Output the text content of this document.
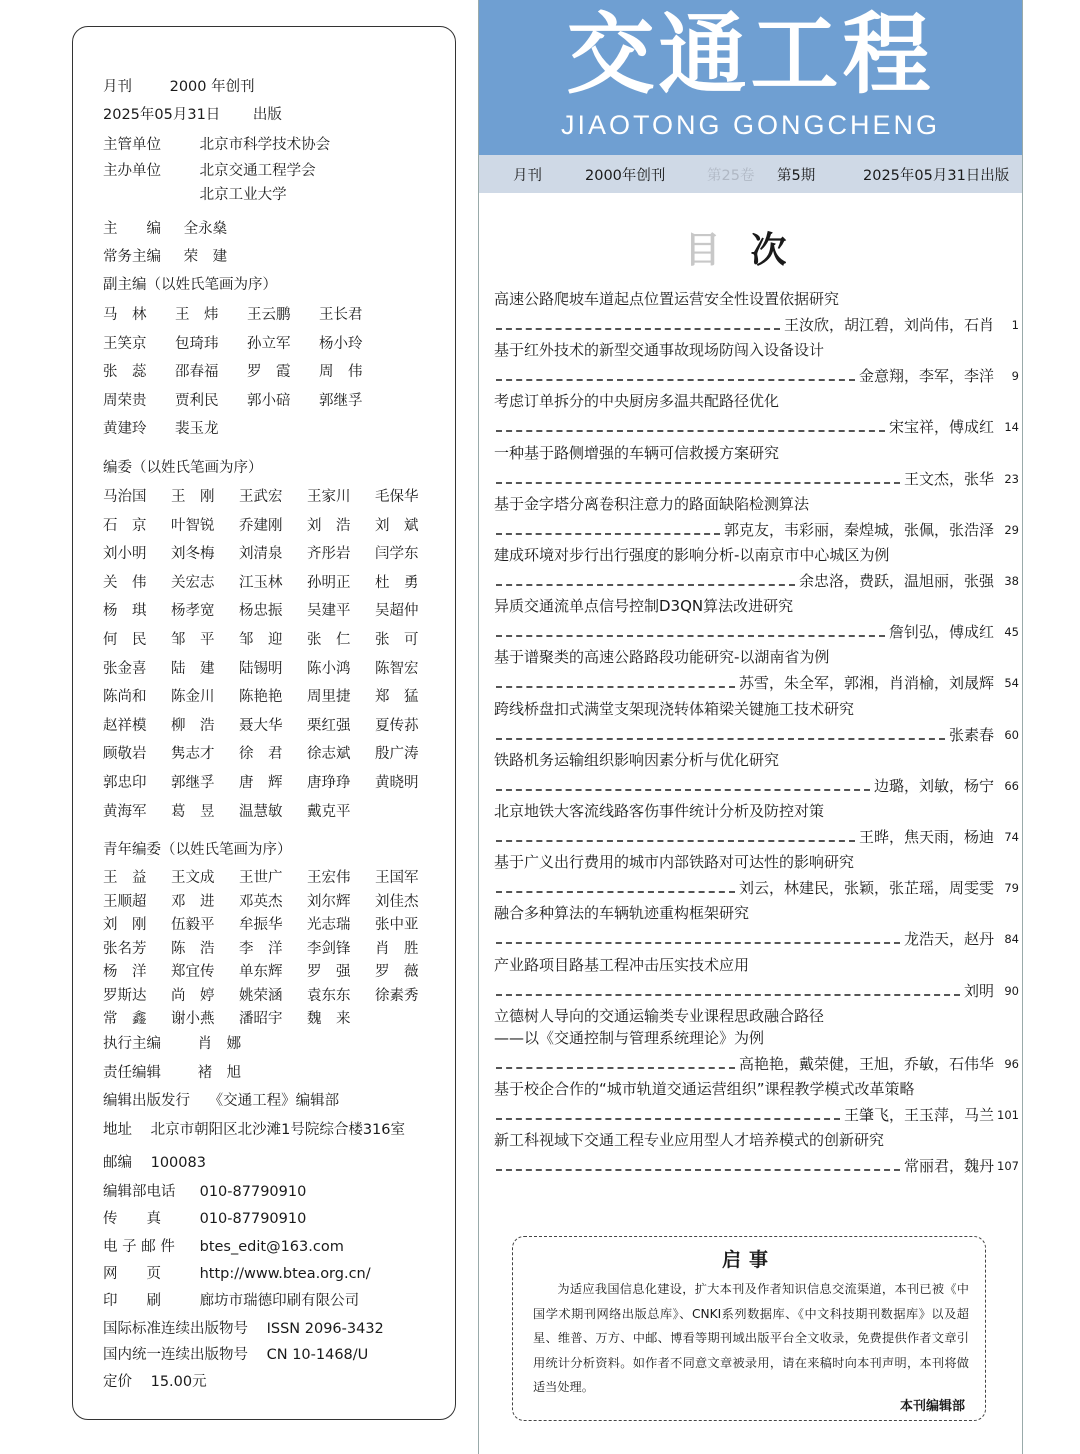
月刊	2000 年创刊
2025年05月31日 出版
主管单位	北京市科学技术协会
主办单位	北京交通工程学会
北京工业大学
主　　编 全永燊
常务主编 荣　建
副主编（以姓氏笔画为序）
马　林	王　炜	王云鹏	王长君
王笑京	包琦玮	孙立军	杨小玲
张　蕊	邵春福	罗　霞	周　伟
周荣贵	贾利民	郭小碚	郭继孚
黄建玲	裴玉龙
编委（以姓氏笔画为序）
马治国	王　刚	王武宏	王家川	毛保华
石　京	叶智锐	乔建刚	刘　浩	刘　斌
刘小明	刘冬梅	刘清泉	齐彤岩	闫学东
关　伟	关宏志	江玉林	孙明正	杜　勇
杨　琪	杨孝宽	杨忠振	吴建平	吴超仲
何　民	邹　平	邹　迎	张　仁	张　可
张金喜	陆　建	陆锡明	陈小鸿	陈智宏
陈尚和	陈金川	陈艳艳	周里捷	郑　猛
赵祥模	柳　浩	聂大华	栗红强	夏传荪
顾敬岩	隽志才	徐　君	徐志斌	殷广涛
郭忠印	郭继孚	唐　辉	唐琤琤	黄晓明
黄海军	葛　昱	温慧敏	戴克平
青年编委（以姓氏笔画为序）
王　益	王文成	王世广	王宏伟	王国军
王顺超	邓　进	邓英杰	刘尔辉	刘佳杰
刘　刚	伍毅平	牟振华	光志瑞	张中亚
张名芳	陈　浩	李　洋	李剑锋	肖　胜
杨　洋	郑宜传	单东辉	罗　强	罗　薇
罗斯达	尚　婷	姚荣涵	袁东东	徐素秀
常　鑫	谢小燕	潘昭宇	魏　来
执行主编	肖　娜
责任编辑	褚　旭
编辑出版发行 《交通工程》编辑部
地址 北京市朝阳区北沙滩1号院综合楼316室
邮编 100083
编辑部电话 010-87790910
传　　真	010-87790910
电 子 邮 件 btes_edit@163.com
网　　页	http://www.btea.org.cn/
印　　刷	廊坊市瑞德印刷有限公司
国际标准连续出版物号 ISSN 2096-3432
国内统一连续出版物号 CN 10-1468/U
定价 15.00元
交通工程
JIAOTONG GONGCHENG
月刊	2000年创刊	第25卷 第5期	2025年05月31日出版
目次
高速公路爬坡车道起点位置运营安全性设置依据研究
王汝欣，胡江碧，刘尚伟，石肖	1
基于红外技术的新型交通事故现场防闯入设备设计
金意翔，李军，李洋	9
考虑订单拆分的中央厨房多温共配路径优化
宋宝祥，傅成红 14
一种基于路侧增强的车辆可信救援方案研究
王文杰，张华 23
基于金字塔分离卷积注意力的路面缺陷检测算法
郭克友，韦彩丽，秦煌城，张佩，张浩泽 29
建成环境对步行出行强度的影响分析-以南京市中心城区为例
余忠洛，费跃，温旭丽，张强 38
异质交通流单点信号控制D3QN算法改进研究
詹钊弘，傅成红 45
基于谱聚类的高速公路路段功能研究-以湖南省为例
苏雪，朱全军，郭湘，肖消榆，刘晟辉 54
跨线桥盘扣式满堂支架现浇转体箱梁关键施工技术研究
张素春 60
铁路机务运输组织影响因素分析与优化研究
边璐，刘敏，杨宁 66
北京地铁大客流线路客伤事件统计分析及防控对策
王晔，焦天雨，杨迪 74
基于广义出行费用的城市内部铁路对可达性的影响研究
刘云，林建民，张颖，张芷瑶，周雯雯 79
融合多种算法的车辆轨迹重构框架研究
龙浩天，赵丹 84
产业路项目路基工程冲击压实技术应用
刘明 90
立德树人导向的交通运输类专业课程思政融合路径
——以《交通控制与管理系统理论》为例
高艳艳，戴荣健，王旭，乔敏，石伟华 96
基于校企合作的“城市轨道交通运营组织”课程教学模式改革策略
王肇飞，王玉萍，马兰 101
新工科视域下交通工程专业应用型人才培养模式的创新研究
常丽君，魏丹 107
启事
为适应我国信息化建设，扩大本刊及作者知识信息交流渠道，本刊已被《中国学术期刊网络出版总库》、CNKI系列数据库、《中文科技期刊数据库》以及超星、维普、万方、中邮、博看等期刊域出版平台全文收录，免费提供作者文章引用统计分析资料。如作者不同意文章被录用，请在来稿时向本刊声明，本刊将做适当处理。
本刊编辑部
